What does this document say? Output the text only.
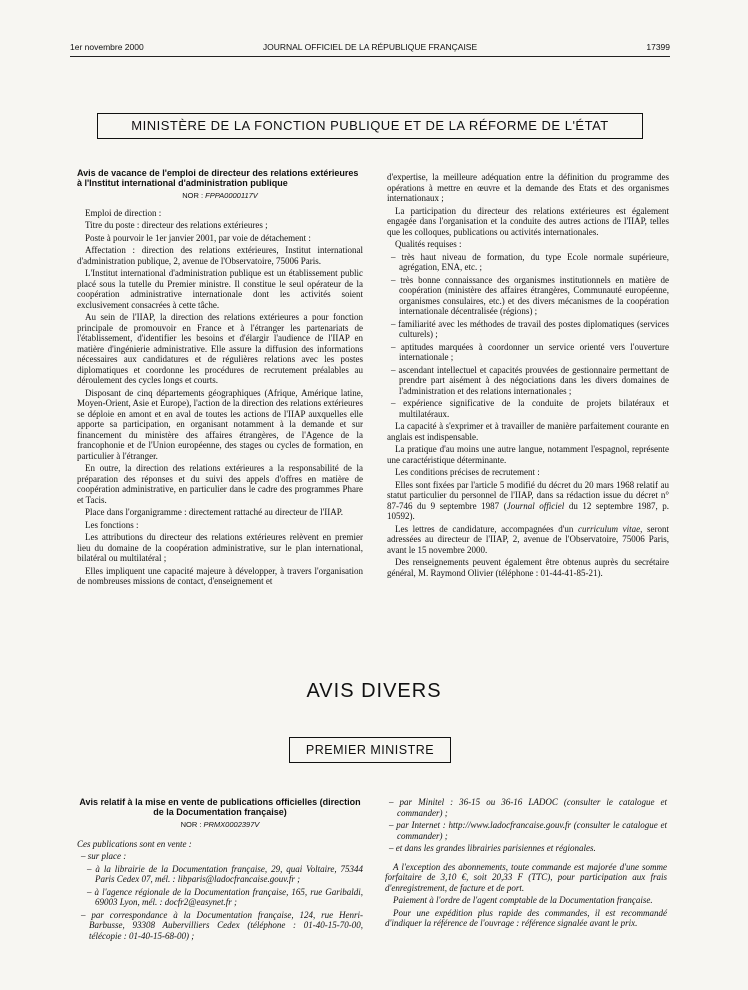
1er novembre 2000	JOURNAL OFFICIEL DE LA RÉPUBLIQUE FRANÇAISE	17399
MINISTÈRE DE LA FONCTION PUBLIQUE ET DE LA RÉFORME DE L'ÉTAT

Avis de vacance de l'emploi de directeur des relations extérieures à l'Institut international d'administration publique

NOR : FPPA0000117V

Emploi de direction :

Titre du poste : directeur des relations extérieures ;

Poste à pourvoir le 1er janvier 2001, par voie de détachement :

Affectation : direction des relations extérieures, Institut international d'administration publique, 2, avenue de l'Observatoire, 75006 Paris.

L'Institut international d'administration publique est un établissement public placé sous la tutelle du Premier ministre. Il constitue le seul opérateur de la coopération administrative internationale dont les activités soient exclusivement consacrées à cette tâche.

Au sein de l'IIAP, la direction des relations extérieures a pour fonction principale de promouvoir en France et à l'étranger les partenariats de l'établissement, d'identifier les besoins et d'élargir l'audience de l'IIAP en matière d'ingénierie administrative. Elle assure la diffusion des informations nécessaires aux candidatures et de régulières relations avec les postes diplomatiques et coordonne les procédures de recrutement préalables au déroulement des cycles longs et courts.

Disposant de cinq départements géographiques (Afrique, Amérique latine, Moyen-Orient, Asie et Europe), l'action de la direction des relations extérieures se déploie en amont et en aval de toutes les actions de l'IIAP auxquelles elle apporte sa participation, en organisant notamment à la demande et sur financement du ministère des affaires étrangères, de l'Agence de la francophonie et de l'Union européenne, des stages ou cycles de formation, en particulier à l'étranger.

En outre, la direction des relations extérieures a la responsabilité de la préparation des réponses et du suivi des appels d'offres en matière de coopération administrative, en particulier dans le cadre des programmes Phare et Tacis.

Place dans l'organigramme : directement rattaché au directeur de l'IIAP.

Les fonctions :

Les attributions du directeur des relations extérieures relèvent en premier lieu du domaine de la coopération administrative, sur le plan international, bilatéral ou multilatéral ;

Elles impliquent une capacité majeure à développer, à travers l'organisation de nombreuses missions de contact, d'enseignement et

d'expertise, la meilleure adéquation entre la définition du programme des opérations à mettre en œuvre et la demande des Etats et des organismes internationaux ;

La participation du directeur des relations extérieures est également engagée dans l'organisation et la conduite des autres actions de l'IIAP, telles que les colloques, publications ou activités internationales.

Qualités requises :

– très haut niveau de formation, du type Ecole normale supérieure, agrégation, ENA, etc. ;
– très bonne connaissance des organismes institutionnels en matière de coopération (ministère des affaires étrangères, Communauté européenne, organismes consulaires, etc.) et des divers mécanismes de la coopération internationale décentralisée (régions) ;
– familiarité avec les méthodes de travail des postes diplomatiques (services culturels) ;
– aptitudes marquées à coordonner un service orienté vers l'ouverture internationale ;
– ascendant intellectuel et capacités prouvées de gestionnaire permettant de prendre part aisément à des négociations dans les divers domaines de l'administration et des relations internationales ;
– expérience significative de la conduite de projets bilatéraux et multilatéraux.

La capacité à s'exprimer et à travailler de manière parfaitement courante en anglais est indispensable.

La pratique d'au moins une autre langue, notamment l'espagnol, représente une caractéristique déterminante.

Les conditions précises de recrutement :

Elles sont fixées par l'article 5 modifié du décret du 20 mars 1968 relatif au statut particulier du personnel de l'IIAP, dans sa rédaction issue du décret n° 87-746 du 9 septembre 1987 (Journal officiel du 12 septembre 1987, p. 10592).

Les lettres de candidature, accompagnées d'un curriculum vitae, seront adressées au directeur de l'IIAP, 2, avenue de l'Observatoire, 75006 Paris, avant le 15 novembre 2000.

Des renseignements peuvent également être obtenus auprès du secrétaire général, M. Raymond Olivier (téléphone : 01-44-41-85-21).

AVIS DIVERS
PREMIER MINISTRE

Avis relatif à la mise en vente de publications officielles (direction de la Documentation française)

NOR : PRMX0002397V

Ces publications sont en vente :

– sur place :
– à la librairie de la Documentation française, 29, quai Voltaire, 75344 Paris Cedex 07, mél. : libparis@ladocfrancaise.gouv.fr ;
– à l'agence régionale de la Documentation française, 165, rue Garibaldi, 69003 Lyon, mél. : docfr2@easynet.fr ;
– par correspondance à la Documentation française, 124, rue Henri-Barbusse, 93308 Aubervilliers Cedex (téléphone : 01-40-15-70-00, télécopie : 01-40-15-68-00) ;
– par Minitel : 36-15 ou 36-16 LADOC (consulter le catalogue et commander) ;
– par Internet : http://www.ladocfrancaise.gouv.fr (consulter le catalogue et commander) ;
– et dans les grandes librairies parisiennes et régionales.

A l'exception des abonnements, toute commande est majorée d'une somme forfaitaire de 3,10 €, soit 20,33 F (TTC), pour participation aux frais d'enregistrement, de facture et de port.

Paiement à l'ordre de l'agent comptable de la Documentation française.

Pour une expédition plus rapide des commandes, il est recommandé d'indiquer la référence de l'ouvrage : référence signalée avant le prix.
